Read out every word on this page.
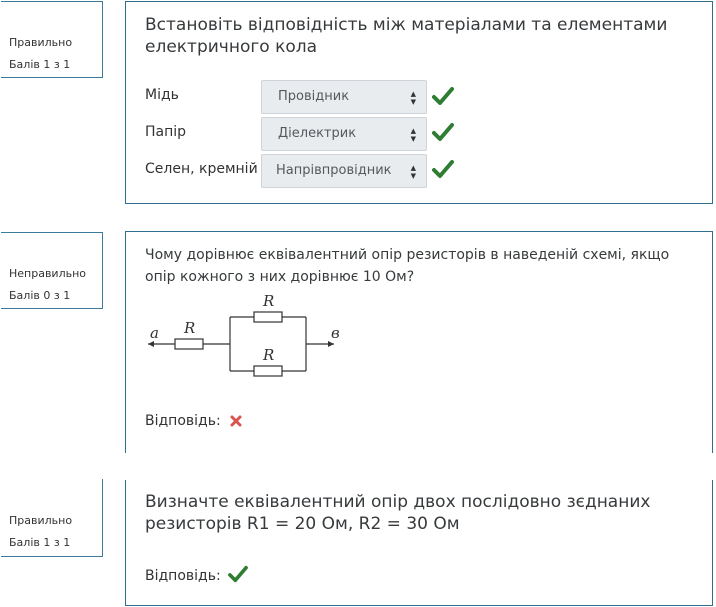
Правильно
Балів 1 з 1
Встановіть відповідність між матеріалами та елементами електричного кола
Мідь	Провідник	▲
▼
Папір	Діелектрик	▲
▼
Селен, кремній	Напрівпровідник	▲
▼
Неправильно
Балів 0 з 1
Чому дорівнює еквівалентний опір резисторів в наведеній схемі, якщо опір кожного з них дорівнює 10 Ом?
а R
R
R
в
Відповідь:
Правильно
Балів 1 з 1
Визначте еквівалентний опір двох послідовно зєднаних резисторів R1 = 20 Ом, R2 = 30 Ом
Відповідь:
